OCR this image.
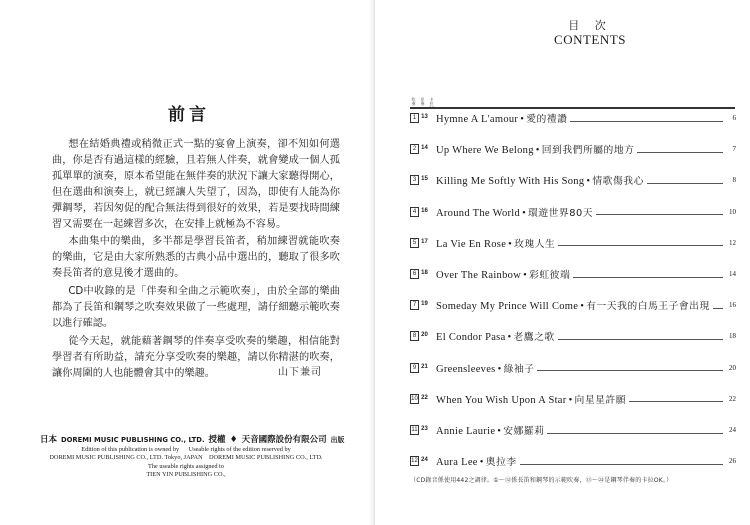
前言

想在結婚典禮或稍微正式一點的宴會上演奏，卻不知如何選曲，你是否有過這樣的經驗，且若無人伴奏，就會變成一個人孤孤單單的演奏，原本希望能在無伴奏的狀況下讓大家聽得開心，但在選曲和演奏上，就已經讓人失望了，因為，即使有人能為你彈鋼琴，若因匆促的配合無法得到很好的效果，若是要找時間練習又需要在一起練習多次，在安排上就極為不容易。

本曲集中的樂曲，多半都是學習長笛者，稍加練習就能吹奏的樂曲，它是由大家所熟悉的古典小品中選出的，聽取了很多吹奏長笛者的意見後才選曲的。

CD中收錄的是「伴奏和全曲之示範吹奏」，由於全部的樂曲都為了長笛和鋼琴之吹奏效果做了一些處理，請仔細聽示範吹奏以進行確認。

從今天起，就能藉著鋼琴的伴奏享受吹奏的樂趣，相信能對學習者有所助益，請充分享受吹奏的樂趣，請以你精湛的吹奏，讓你周圍的人也能體會其中的樂趣。	山下兼司
日本 DOREMI MUSIC PUBLISHING CO., LTD. 授權 ♦ 天音國際設份有限公司 出版
Edition of this publication is owned by Useable rights of the edition reserved by
DOREMI MUSIC PUBLISHING CO., LTD. Tokyo, JAPAN DOREMI MUSIC PUBLISHING CO., LTD.
The useable rights assigned to
TIEN YIN PUBLISHING CO.,
目 次
CONTENTS
吹奏
伴奏
卡拉
1 13 Hymne A L'amour • 愛的禮讚	6
2 14 Up Where We Belong • 回到我們所屬的地方	7
3 15 Killing Me Softly With His Song • 情歌傷我心	8
4 16 Around The World • 環遊世界80天	10
5 17 La Vie En Rose • 玫瑰人生	12
6 18 Over The Rainbow • 彩虹彼端	14
7 19 Someday My Prince Will Come • 有一天我的白馬王子會出現	16
8 20 El Condor Pasa • 老鷹之歌	18
9 21 Greensleeves • 綠袖子	20
10 22 When You Wish Upon A Star • 向星星許願	22
11 23 Annie Laurie • 安娜羅莉	24
12 24 Aura Lee • 奧拉李	26
（CD錄音係使用442之調律。①～⑫係長笛和鋼琴的示範吹奏，⑬～㉔是鋼琴伴奏的卡拉OK。）
